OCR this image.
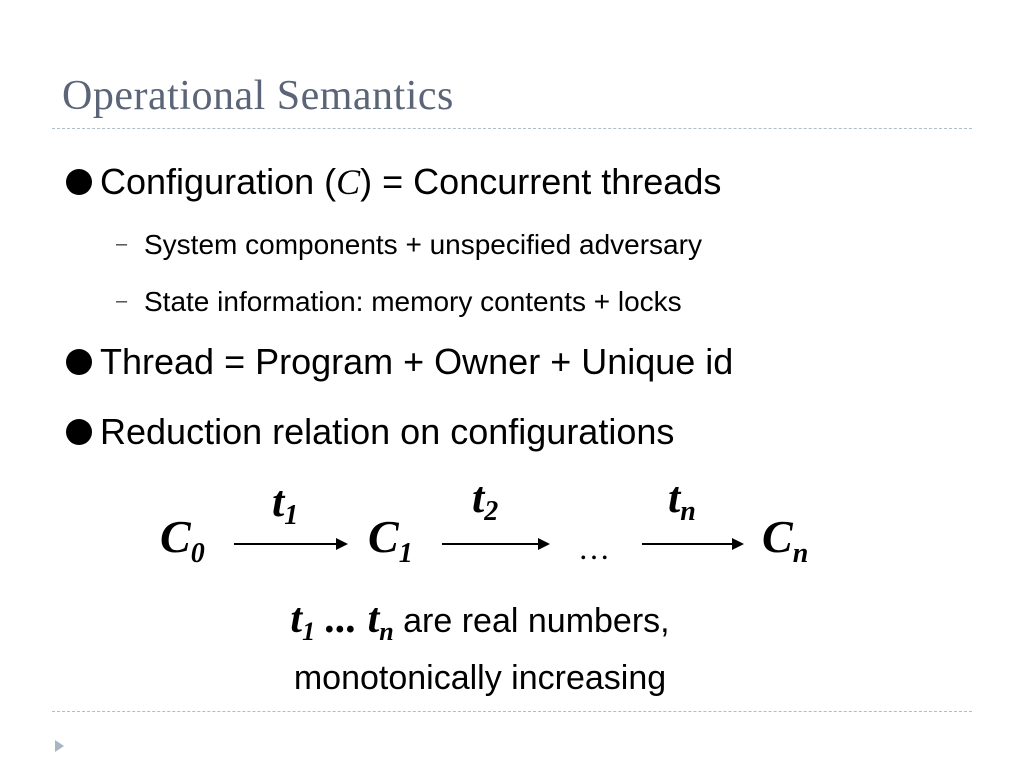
Operational Semantics
Configuration (C) = Concurrent threads
– System components + unspecified adversary
– State information: memory contents + locks
Thread = Program + Owner + Unique id
Reduction relation on configurations
$C_0$	$C_1$	$C_n$
$t_1$	$t_2$	$t_n$
…
$t_1$ ... $t_n$ are real numbers,
monotonically increasing
